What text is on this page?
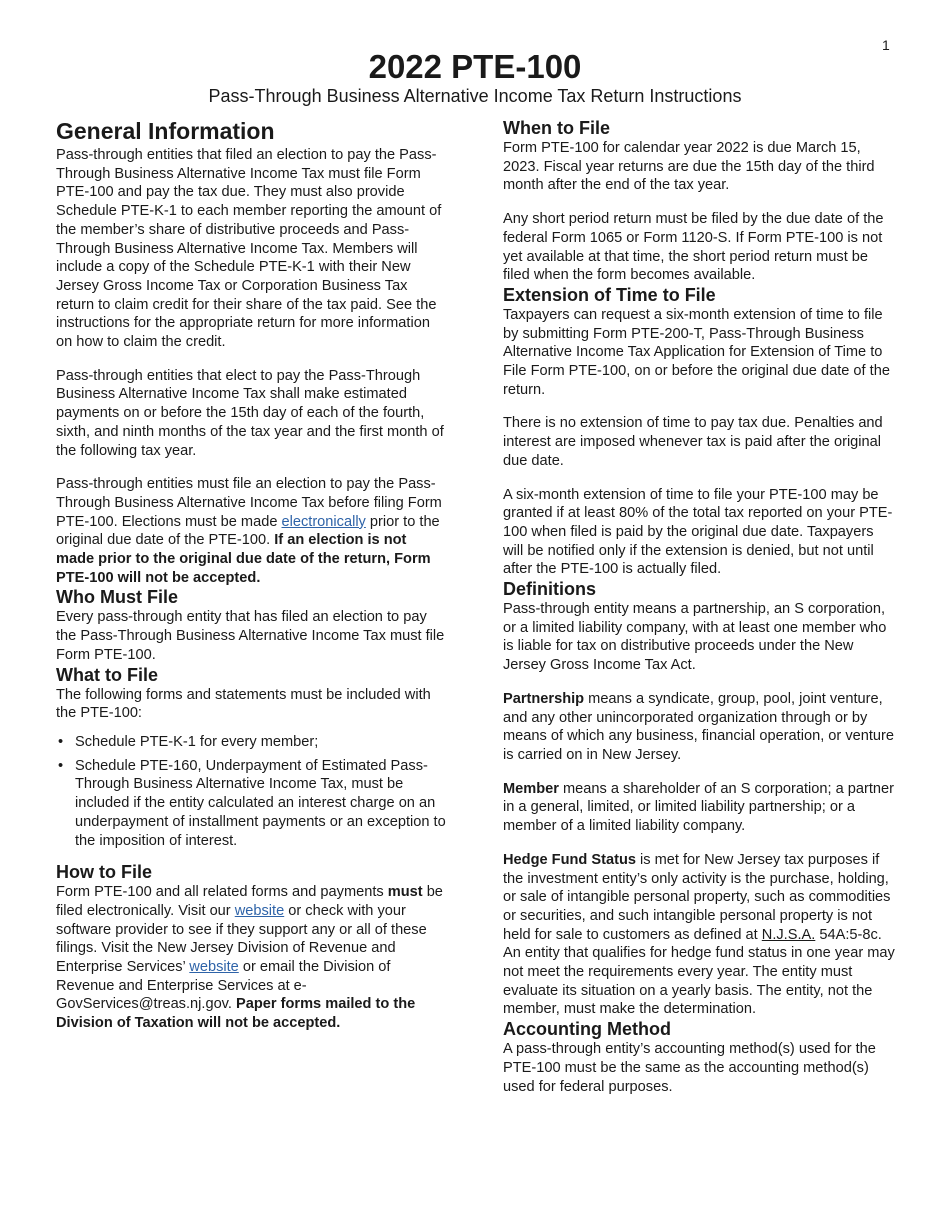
1
2022 PTE-100
Pass-Through Business Alternative Income Tax Return Instructions
General Information

Pass-through entities that filed an election to pay the Pass-Through Business Alternative Income Tax must file Form PTE-100 and pay the tax due. They must also provide Schedule PTE-K-1 to each member reporting the amount of the member’s share of distributive proceeds and Pass-Through Business Alternative Income Tax. Members will include a copy of the Schedule PTE-K-1 with their New Jersey Gross Income Tax or Corporation Business Tax return to claim credit for their share of the tax paid. See the instructions for the appropriate return for more information on how to claim the credit.

Pass-through entities that elect to pay the Pass-Through Business Alternative Income Tax shall make estimated payments on or before the 15th day of each of the fourth, sixth, and ninth months of the tax year and the first month of the following tax year.

Pass-through entities must file an election to pay the Pass-Through Business Alternative Income Tax before filing Form PTE-100. Elections must be made electronically prior to the original due date of the PTE-100. If an election is not made prior to the original due date of the return, Form PTE-100 will not be accepted.

Who Must File

Every pass-through entity that has filed an election to pay the Pass-Through Business Alternative Income Tax must file Form PTE-100.

What to File

The following forms and statements must be included with the PTE-100:

• Schedule PTE-K-1 for every member;
• Schedule PTE-160, Underpayment of Estimated Pass-Through Business Alternative Income Tax, must be included if the entity calculated an interest charge on an underpayment of installment payments or an exception to the imposition of interest.
How to File

Form PTE-100 and all related forms and payments must be filed electronically. Visit our website or check with your software provider to see if they support any or all of these filings. Visit the New Jersey Division of Revenue and Enterprise Services’ website or email the Division of Revenue and Enterprise Services at e-GovServices@treas.nj.gov. Paper forms mailed to the Division of Taxation will not be accepted.

When to File

Form PTE-100 for calendar year 2022 is due March 15, 2023. Fiscal year returns are due the 15th day of the third month after the end of the tax year.

Any short period return must be filed by the due date of the federal Form 1065 or Form 1120-S. If Form PTE-100 is not yet available at that time, the short period return must be filed when the form becomes available.

Extension of Time to File

Taxpayers can request a six-month extension of time to file by submitting Form PTE-200-T, Pass-Through Business Alternative Income Tax Application for Extension of Time to File Form PTE-100, on or before the original due date of the return.

There is no extension of time to pay tax due. Penalties and interest are imposed whenever tax is paid after the original due date.

A six-month extension of time to file your PTE-100 may be granted if at least 80% of the total tax reported on your PTE-100 when filed is paid by the original due date. Taxpayers will be notified only if the extension is denied, but not until after the PTE-100 is actually filed.

Definitions

Pass-through entity means a partnership, an S corporation, or a limited liability company, with at least one member who is liable for tax on distributive proceeds under the New Jersey Gross Income Tax Act.

Partnership means a syndicate, group, pool, joint venture, and any other unincorporated organization through or by means of which any business, financial operation, or venture is carried on in New Jersey.

Member means a shareholder of an S corporation; a partner in a general, limited, or limited liability partnership; or a member of a limited liability company.

Hedge Fund Status is met for New Jersey tax purposes if the investment entity’s only activity is the purchase, holding, or sale of intangible personal property, such as commodities or securities, and such intangible personal property is not held for sale to customers as defined at N.J.S.A. 54A:5-8c. An entity that qualifies for hedge fund status in one year may not meet the requirements every year. The entity must evaluate its situation on a yearly basis. The entity, not the member, must make the determination.

Accounting Method

A pass-through entity’s accounting method(s) used for the PTE-100 must be the same as the accounting method(s) used for federal purposes.
